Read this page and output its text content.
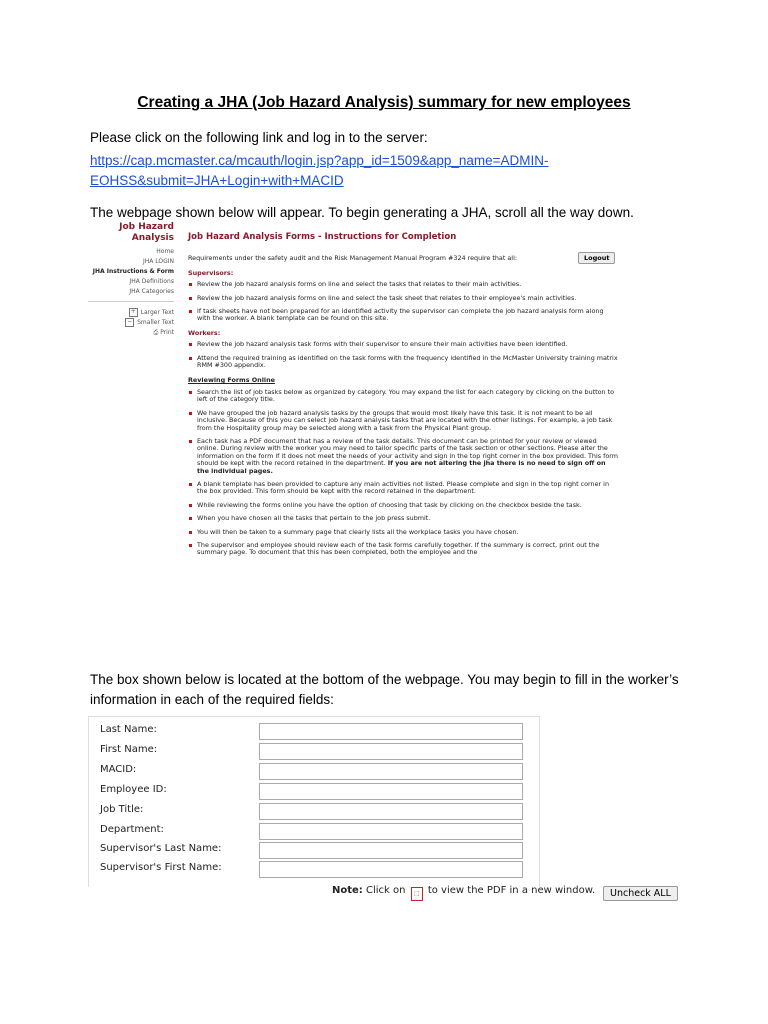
Creating a JHA (Job Hazard Analysis) summary for new employees
Please click on the following link and log in to the server:
https://cap.mcmaster.ca/mcauth/login.jsp?app_id=1509&app_name=ADMIN-
EOHSS&submit=JHA+Login+with+MACID
The webpage shown below will appear. To begin generating a JHA, scroll all the way down.
Job Hazard
Analysis
Home
JHA LOGIN
JHA Instructions & Form
JHA Definitions
JHA Categories
+ Larger Text
− Smaller Text
⎙ Print
Job Hazard Analysis Forms - Instructions for Completion
Requirements under the safety audit and the Risk Management Manual Program #324 require that all:
Supervisors:
Review the job hazard analysis forms on line and select the tasks that relates to their main activities.
Review the job hazard analysis forms on line and select the task sheet that relates to their employee's main activities.
If task sheets have not been prepared for an identified activity the supervisor can complete the job hazard analysis form along with the worker. A blank template can be found on this site.
Workers:
Review the job hazard analysis task forms with their supervisor to ensure their main activities have been identified.
Attend the required training as identified on the task forms with the frequency identified in the McMaster University training matrix RMM #300 appendix.
Reviewing Forms Online
Search the list of job tasks below as organized by category. You may expand the list for each category by clicking on the button to left of the category title.
We have grouped the job hazard analysis tasks by the groups that would most likely have this task. It is not meant to be all inclusive. Because of this you can select job hazard analysis tasks that are located with the other listings. For example, a job task from the Hospitality group may be selected along with a task from the Physical Plant group.
Each task has a PDF document that has a review of the task details. This document can be printed for your review or viewed online. During review with the worker you may need to tailor specific parts of the task section or other sections. Please alter the information on the form if it does not meet the needs of your activity and sign in the top right corner in the box provided. This form should be kept with the record retained in the department. If you are not altering the jha there is no need to sign off on the individual pages.
A blank template has been provided to capture any main activities not listed. Please complete and sign in the top right corner in the box provided. This form should be kept with the record retained in the department.
While reviewing the forms online you have the option of choosing that task by clicking on the checkbox beside the task.
When you have chosen all the tasks that pertain to the job press submit.
You will then be taken to a summary page that clearly lists all the workplace tasks you have chosen.
The supervisor and employee should review each of the task forms carefully together. If the summary is correct, print out the summary page. To document that this has been completed, both the employee and the
Logout
The box shown below is located at the bottom of the webpage. You may begin to fill in the worker’s
information in each of the required fields:
Last Name:
First Name:
MACID:
Employee ID:
Job Title:
Department:
Supervisor's Last Name:
Supervisor's First Name:
Note: Click on ⬚ to view the PDF in a new window.	Uncheck ALL
